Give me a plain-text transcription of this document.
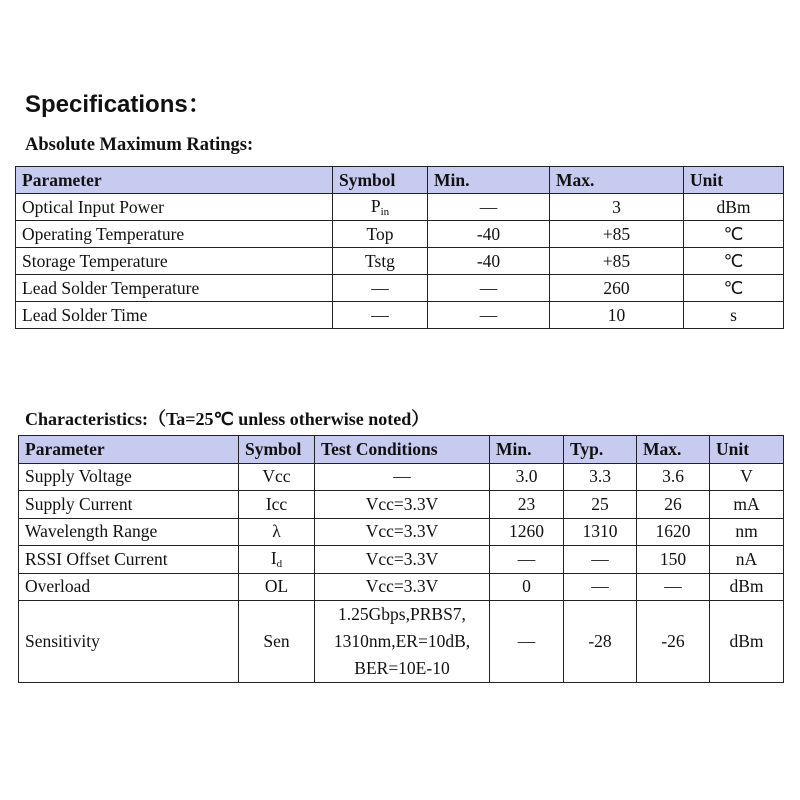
Specifications：
Absolute Maximum Ratings:
Parameter	Symbol	Min.	Max.	Unit
Optical Input Power	$P_{in}$	—	3	dBm
Operating Temperature	Top	-40	+85	℃
Storage Temperature	Tstg	-40	+85	℃
Lead Solder Temperature	—	—	260	℃
Lead Solder Time	—	—	10	s
Characteristics:（Ta=25℃ unless otherwise noted）
Parameter	Symbol	Test Conditions	Min.	Typ.	Max.	Unit
Supply Voltage	Vcc	—	3.0	3.3	3.6	V
Supply Current	Icc	Vcc=3.3V	23	25	26	mA
Wavelength Range	λ	Vcc=3.3V	1260	1310	1620	nm
RSSI Offset Current	$I_d$	Vcc=3.3V	—	—	150	nA
Overload	OL	Vcc=3.3V	0	—	—	dBm
Sensitivity	Sen	1.25Gbps,PRBS7,
1310nm,ER=10dB,
BER=10E-10	—	-28	-26	dBm
